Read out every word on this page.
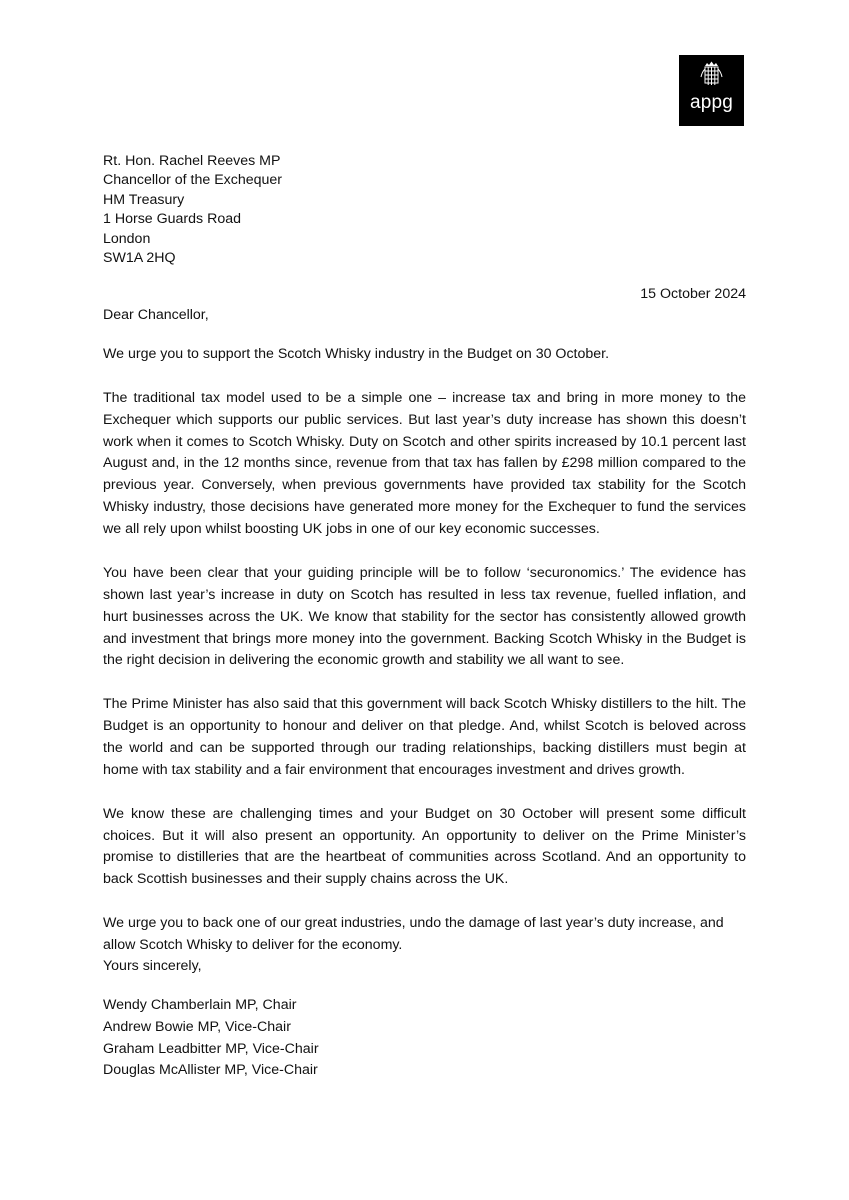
appg
Rt. Hon. Rachel Reeves MP
Chancellor of the Exchequer
HM Treasury
1 Horse Guards Road
London
SW1A 2HQ
15 October 2024
Dear Chancellor,

We urge you to support the Scotch Whisky industry in the Budget on 30 October.

The traditional tax model used to be a simple one – increase tax and bring in more money to the Exchequer which supports our public services. But last year’s duty increase has shown this doesn’t work when it comes to Scotch Whisky. Duty on Scotch and other spirits increased by 10.1 percent last August and, in the 12 months since, revenue from that tax has fallen by £298 million compared to the previous year. Conversely, when previous governments have provided tax stability for the Scotch Whisky industry, those decisions have generated more money for the Exchequer to fund the services we all rely upon whilst boosting UK jobs in one of our key economic successes.

You have been clear that your guiding principle will be to follow ‘securonomics.’ The evidence has shown last year’s increase in duty on Scotch has resulted in less tax revenue, fuelled inflation, and hurt businesses across the UK. We know that stability for the sector has consistently allowed growth and investment that brings more money into the government. Backing Scotch Whisky in the Budget is the right decision in delivering the economic growth and stability we all want to see.

The Prime Minister has also said that this government will back Scotch Whisky distillers to the hilt. The Budget is an opportunity to honour and deliver on that pledge. And, whilst Scotch is beloved across the world and can be supported through our trading relationships, backing distillers must begin at home with tax stability and a fair environment that encourages investment and drives growth.

We know these are challenging times and your Budget on 30 October will present some difficult choices. But it will also present an opportunity. An opportunity to deliver on the Prime Minister’s promise to distilleries that are the heartbeat of communities across Scotland. And an opportunity to back Scottish businesses and their supply chains across the UK.

We urge you to back one of our great industries, undo the damage of last year’s duty increase, and allow Scotch Whisky to deliver for the economy.

Yours sincerely,
Wendy Chamberlain MP, Chair
Andrew Bowie MP, Vice-Chair
Graham Leadbitter MP, Vice-Chair
Douglas McAllister MP, Vice-Chair
